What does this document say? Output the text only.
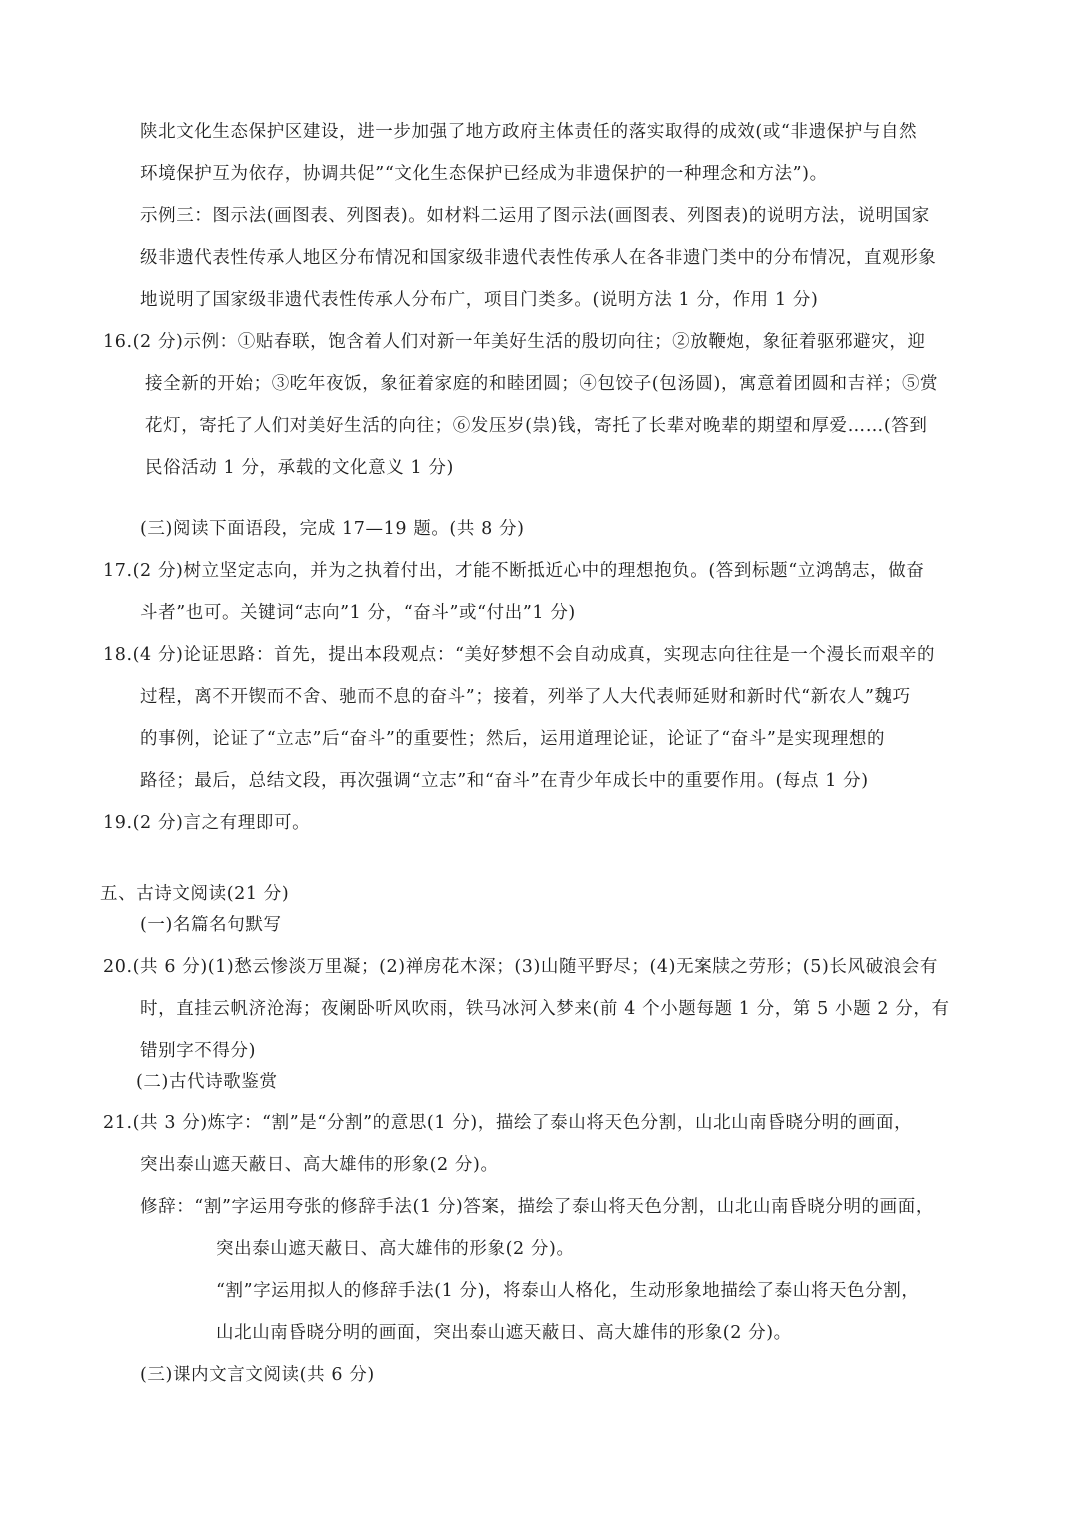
陕北文化生态保护区建设，进一步加强了地方政府主体责任的落实取得的成效(或“非遗保护与自然
环境保护互为依存，协调共促”“文化生态保护已经成为非遗保护的一种理念和方法”)。
示例三：图示法(画图表、列图表)。如材料二运用了图示法(画图表、列图表)的说明方法，说明国家
级非遗代表性传承人地区分布情况和国家级非遗代表性传承人在各非遗门类中的分布情况，直观形象
地说明了国家级非遗代表性传承人分布广，项目门类多。(说明方法 1 分，作用 1 分)
16.(2 分)示例：①贴春联，饱含着人们对新一年美好生活的殷切向往；②放鞭炮，象征着驱邪避灾，迎
接全新的开始；③吃年夜饭，象征着家庭的和睦团圆；④包饺子(包汤圆)，寓意着团圆和吉祥；⑤赏
花灯，寄托了人们对美好生活的向往；⑥发压岁(祟)钱，寄托了长辈对晚辈的期望和厚爱……(答到
民俗活动 1 分，承载的文化意义 1 分)
(三)阅读下面语段，完成 17—19 题。(共 8 分)
17.(2 分)树立坚定志向，并为之执着付出，才能不断抵近心中的理想抱负。(答到标题“立鸿鹄志，做奋
斗者”也可。关键词“志向”1 分，“奋斗”或“付出”1 分)
18.(4 分)论证思路：首先，提出本段观点：“美好梦想不会自动成真，实现志向往往是一个漫长而艰辛的
过程，离不开锲而不舍、驰而不息的奋斗”；接着，列举了人大代表师延财和新时代“新农人”魏巧
的事例，论证了“立志”后“奋斗”的重要性；然后，运用道理论证，论证了“奋斗”是实现理想的
路径；最后，总结文段，再次强调“立志”和“奋斗”在青少年成长中的重要作用。(每点 1 分)
19.(2 分)言之有理即可。
五、古诗文阅读(21 分)
(一)名篇名句默写
20.(共 6 分)(1)愁云惨淡万里凝；(2)禅房花木深；(3)山随平野尽；(4)无案牍之劳形；(5)长风破浪会有
时，直挂云帆济沧海；夜阑卧听风吹雨，铁马冰河入梦来(前 4 个小题每题 1 分，第 5 小题 2 分，有
错别字不得分)
(二)古代诗歌鉴赏
21.(共 3 分)炼字：“割”是“分割”的意思(1 分)，描绘了泰山将天色分割，山北山南昏晓分明的画面，
突出泰山遮天蔽日、高大雄伟的形象(2 分)。
修辞：“割”字运用夸张的修辞手法(1 分)答案，描绘了泰山将天色分割，山北山南昏晓分明的画面，
突出泰山遮天蔽日、高大雄伟的形象(2 分)。
“割”字运用拟人的修辞手法(1 分)，将泰山人格化，生动形象地描绘了泰山将天色分割，
山北山南昏晓分明的画面，突出泰山遮天蔽日、高大雄伟的形象(2 分)。
(三)课内文言文阅读(共 6 分)
